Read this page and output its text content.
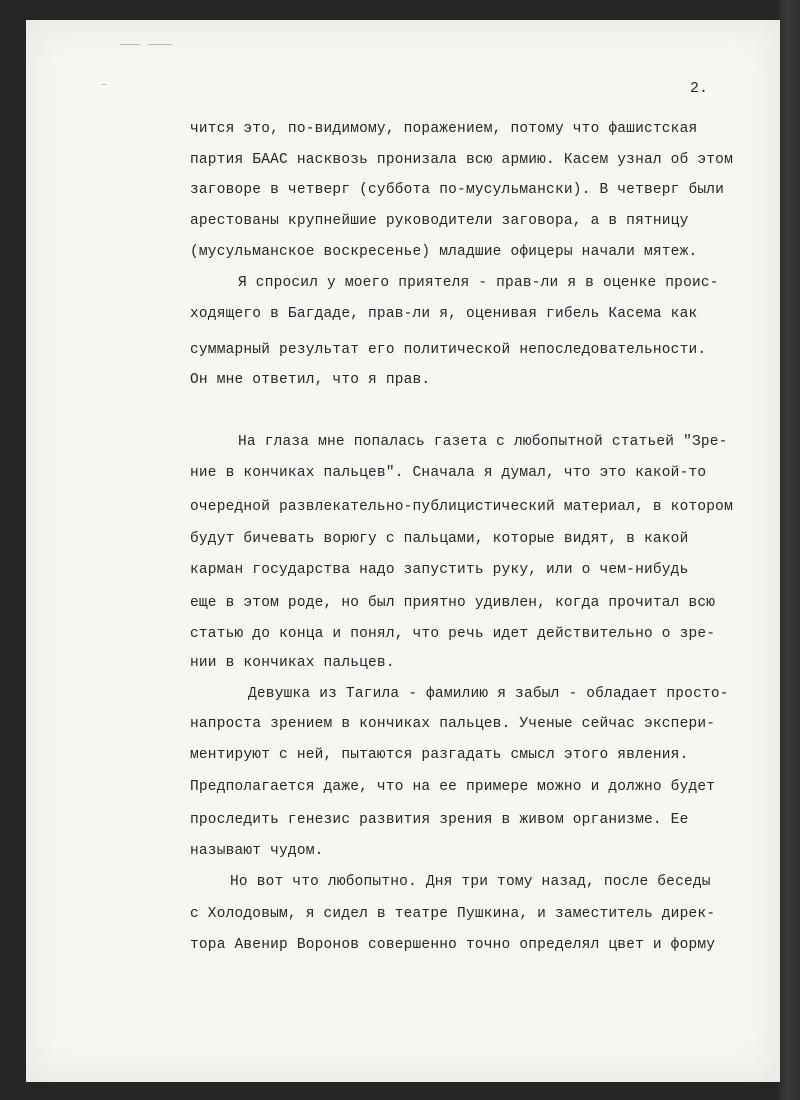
2.
чится это, по-видимому, поражением, потому что фашистская
партия БААС насквозь пронизала всю армию. Касем узнал об этом
заговоре в четверг (суббота по-мусульмански). В четверг были
арестованы крупнейшие руководители заговора, а в пятницу
(мусульманское воскресенье) младшие офицеры начали мятеж.
Я спросил у моего приятеля - прав-ли я в оценке проис-
ходящего в Багдаде, прав-ли я, оценивая гибель Касема как
суммарный результат его политической непоследовательности.
Он мне ответил, что я прав.
На глаза мне попалась газета с любопытной статьей "Зре-
ние в кончиках пальцев". Сначала я думал, что это какой-то
очередной развлекательно-публицистический материал, в котором
будут бичевать ворюгу с пальцами, которые видят, в какой
карман государства надо запустить руку, или о чем-нибудь
еще в этом роде, но был приятно удивлен, когда прочитал всю
статью до конца и понял, что речь идет действительно о зре-
нии в кончиках пальцев.
Девушка из Тагила - фамилию я забыл - обладает просто-
напроста зрением в кончиках пальцев. Ученые сейчас экспери-
ментируют с ней, пытаются разгадать смысл этого явления.
Предполагается даже, что на ее примере можно и должно будет
проследить генезис развития зрения в живом организме. Ее
называют чудом.
Но вот что любопытно. Дня три тому назад, после беседы
с Холодовым, я сидел в театре Пушкина, и заместитель дирек-
тора Авенир Воронов совершенно точно определял цвет и форму
